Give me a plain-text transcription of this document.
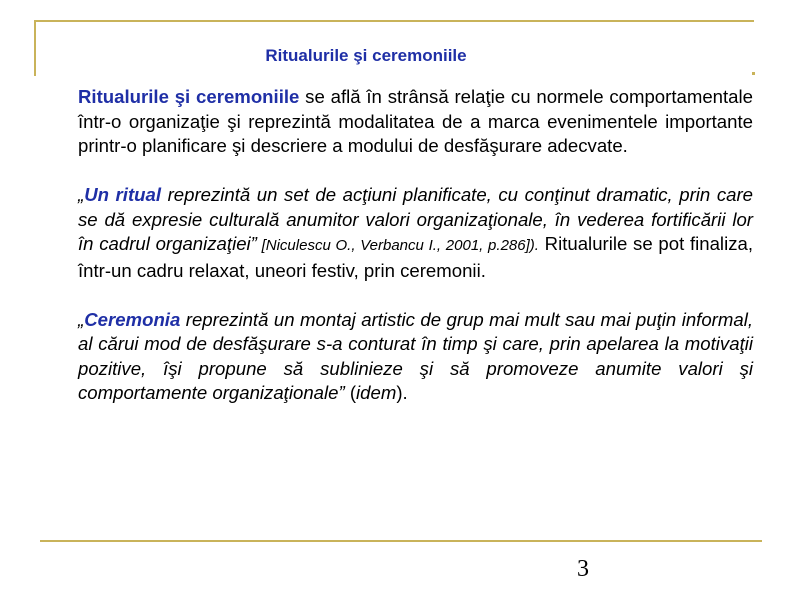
Ritualurile şi ceremoniile

Ritualurile şi ceremoniile se află în strânsă relaţie cu normele comportamentale într-o organizaţie şi reprezintă modalitatea de a marca evenimentele importante printr-o planificare şi descriere a modului de desfăşurare adecvate.

„Un ritual reprezintă un set de acţiuni planificate, cu conţinut dramatic, prin care se dă expresie culturală anumitor valori organizaţionale, în vederea fortificării lor în cadrul organizaţiei” [Niculescu O., Verbancu I., 2001, p.286]). Ritualurile se pot finaliza, într-un cadru relaxat, uneori festiv, prin ceremonii.

„Ceremonia reprezintă un montaj artistic de grup mai mult sau mai puţin informal, al cărui mod de desfăşurare s-a conturat în timp şi care, prin apelarea la motivaţii pozitive, îşi propune să sublinieze şi să promoveze anumite valori şi comportamente organizaţionale” (idem).

3
